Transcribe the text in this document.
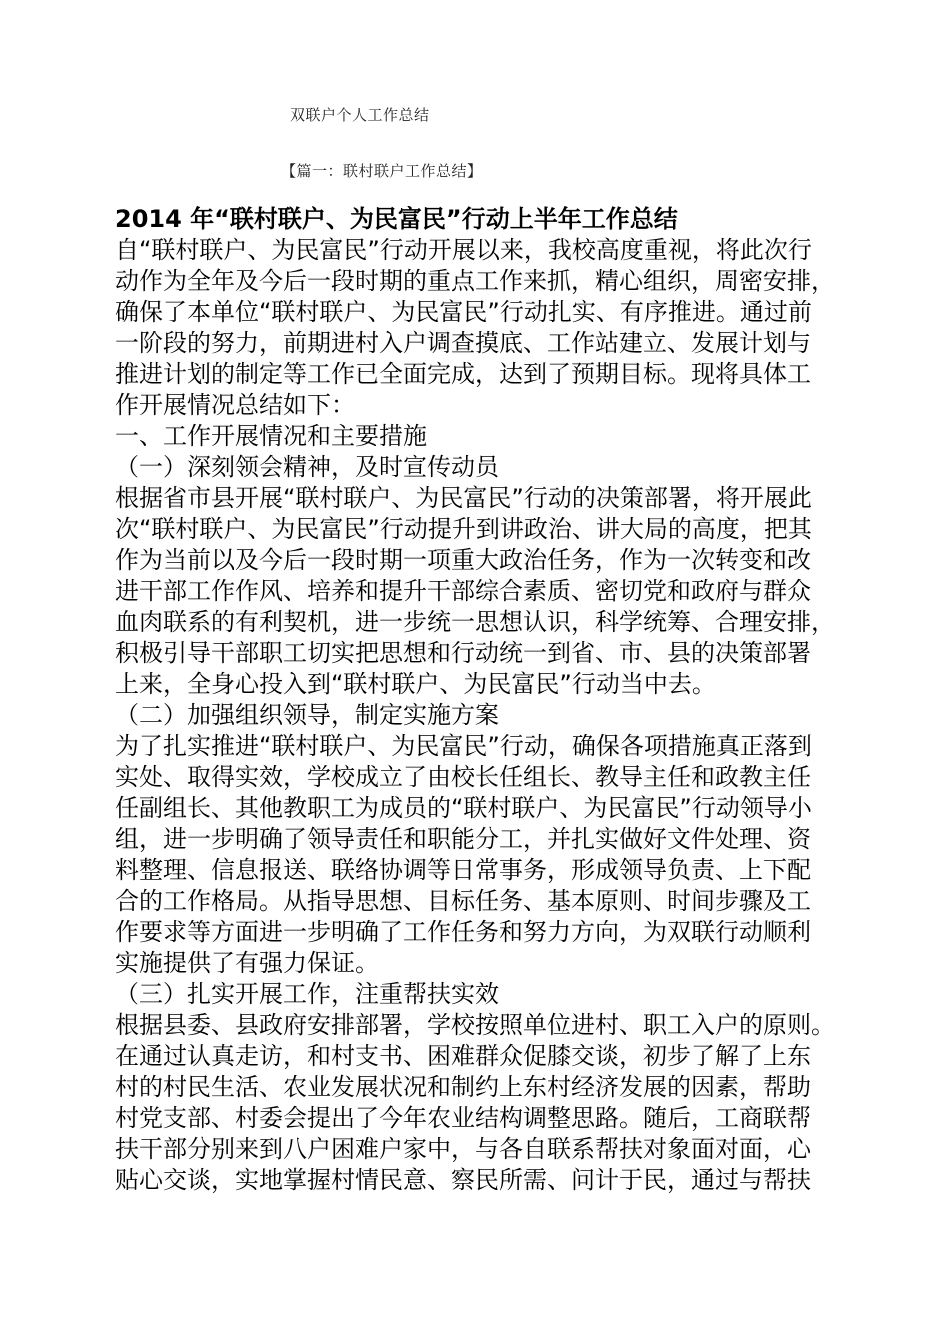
双联户个人工作总结
【篇一：联村联户工作总结】
2014 年“联村联户、为民富民”行动上半年工作总结
自“联村联户、为民富民”行动开展以来，我校高度重视，将此次行
动作为全年及今后一段时期的重点工作来抓，精心组织，周密安排，
确保了本单位“联村联户、为民富民”行动扎实、有序推进。通过前
一阶段的努力，前期进村入户调查摸底、工作站建立、发展计划与
推进计划的制定等工作已全面完成，达到了预期目标。现将具体工
作开展情况总结如下：
一、工作开展情况和主要措施
（一）深刻领会精神，及时宣传动员
根据省市县开展“联村联户、为民富民”行动的决策部署，将开展此
次“联村联户、为民富民”行动提升到讲政治、讲大局的高度，把其
作为当前以及今后一段时期一项重大政治任务，作为一次转变和改
进干部工作作风、培养和提升干部综合素质、密切党和政府与群众
血肉联系的有利契机，进一步统一思想认识，科学统筹、合理安排，
积极引导干部职工切实把思想和行动统一到省、市、县的决策部署
上来，全身心投入到“联村联户、为民富民”行动当中去。
（二）加强组织领导，制定实施方案
为了扎实推进“联村联户、为民富民”行动，确保各项措施真正落到
实处、取得实效，学校成立了由校长任组长、教导主任和政教主任
任副组长、其他教职工为成员的“联村联户、为民富民”行动领导小
组，进一步明确了领导责任和职能分工，并扎实做好文件处理、资
料整理、信息报送、联络协调等日常事务，形成领导负责、上下配
合的工作格局。从指导思想、目标任务、基本原则、时间步骤及工
作要求等方面进一步明确了工作任务和努力方向，为双联行动顺利
实施提供了有强力保证。
（三）扎实开展工作，注重帮扶实效
根据县委、县政府安排部署，学校按照单位进村、职工入户的原则。
在通过认真走访，和村支书、困难群众促膝交谈，初步了解了上东
村的村民生活、农业发展状况和制约上东村经济发展的因素，帮助
村党支部、村委会提出了今年农业结构调整思路。随后，工商联帮
扶干部分别来到八户困难户家中，与各自联系帮扶对象面对面，心
贴心交谈，实地掌握村情民意、察民所需、问计于民，通过与帮扶
